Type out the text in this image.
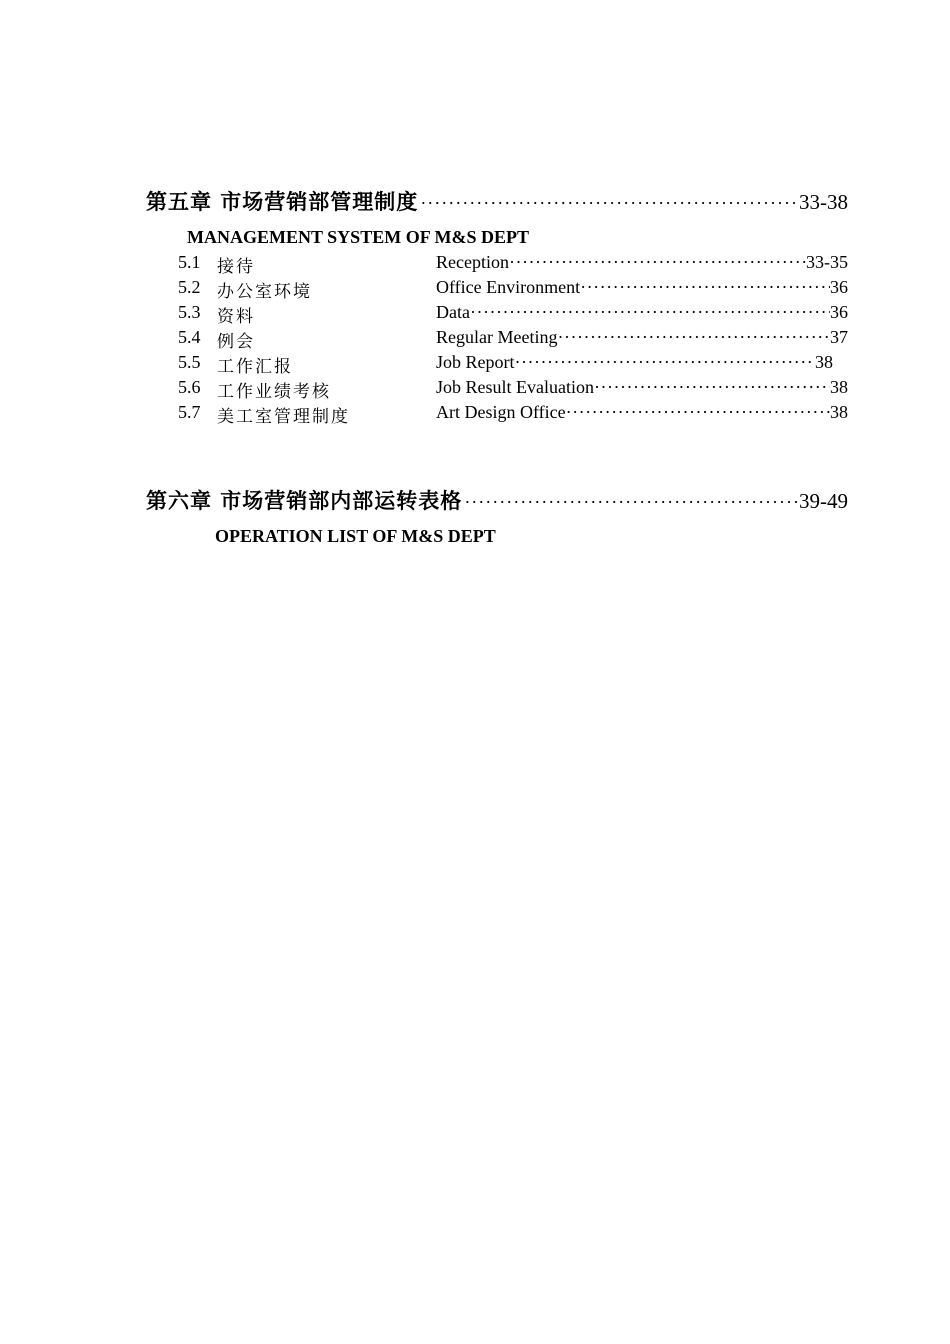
第五章 市场营销部管理制度 ·····	33-38
MANAGEMENT SYSTEM OF M&S DEPT
5.1 接待	Reception ·····	33-35
5.2 办公室环境	Office Environment ·····	36
5.3 资料	Data ·····	36
5.4 例会	Regular Meeting ·····	37
5.5 工作汇报	Job Report ·····	38
5.6 工作业绩考核	Job Result Evaluation ·····	38
5.7 美工室管理制度	Art Design Office ·····	38
第六章 市场营销部内部运转表格 ·····	39-49
OPERATION LIST OF M&S DEPT
